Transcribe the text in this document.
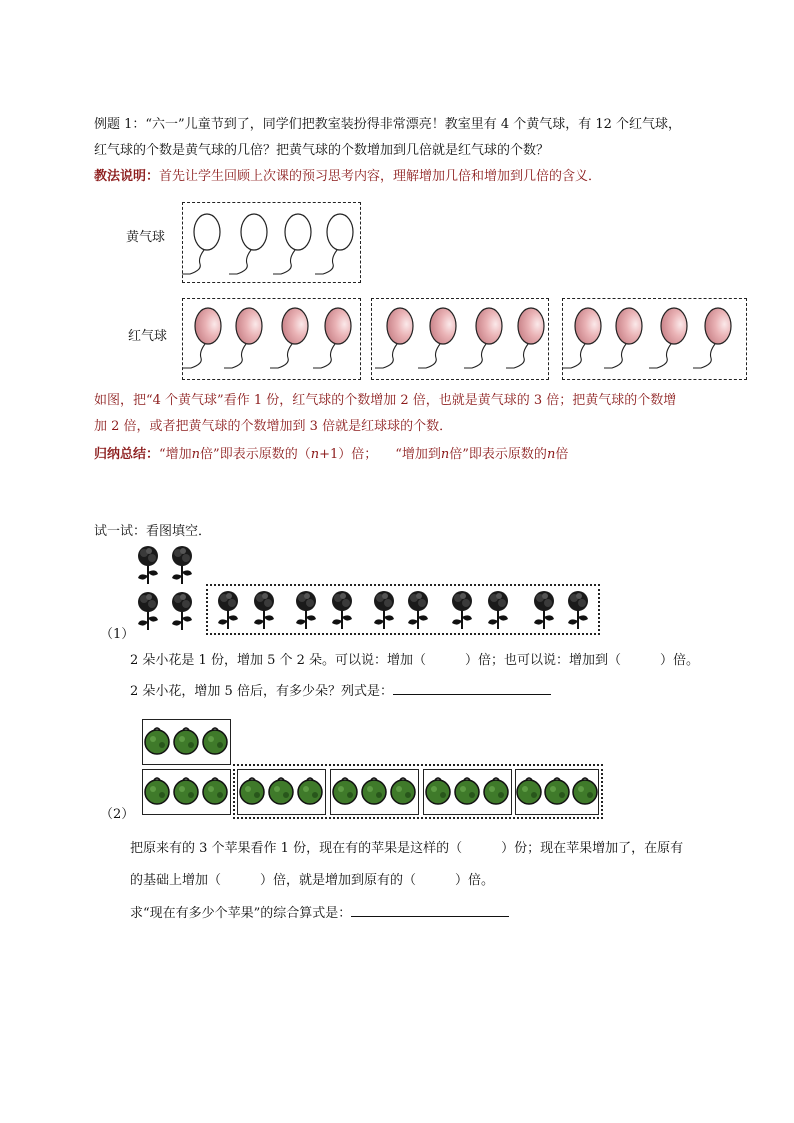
例题 1：“六一”儿童节到了，同学们把教室装扮得非常漂亮！教室里有 4 个黄气球，有 12 个红气球，
红气球的个数是黄气球的几倍？把黄气球的个数增加到几倍就是红气球的个数？
教法说明：首先让学生回顾上次课的预习思考内容，理解增加几倍和增加到几倍的含义．
黄气球
红气球
如图，把“4 个黄气球”看作 1 份，红气球的个数增加 2 倍，也就是黄气球的 3 倍；把黄气球的个数增
加 2 倍，或者把黄气球的个数增加到 3 倍就是红球球的个数．
归纳总结：“增加n倍”即表示原数的（n+1）倍； “增加到n倍”即表示原数的n倍
试一试：看图填空．
（1）
2 朵小花是 1 份，增加 5 个 2 朵。可以说：增加（　　　）倍；也可以说：增加到（　　　）倍。
2 朵小花，增加 5 倍后，有多少朵？列式是：
（2）
把原来有的 3 个苹果看作 1 份，现在有的苹果是这样的（　　　）份；现在苹果增加了，在原有
的基础上增加（　　　）倍，就是增加到原有的（　　　）倍。
求“现在有多少个苹果”的综合算式是：
